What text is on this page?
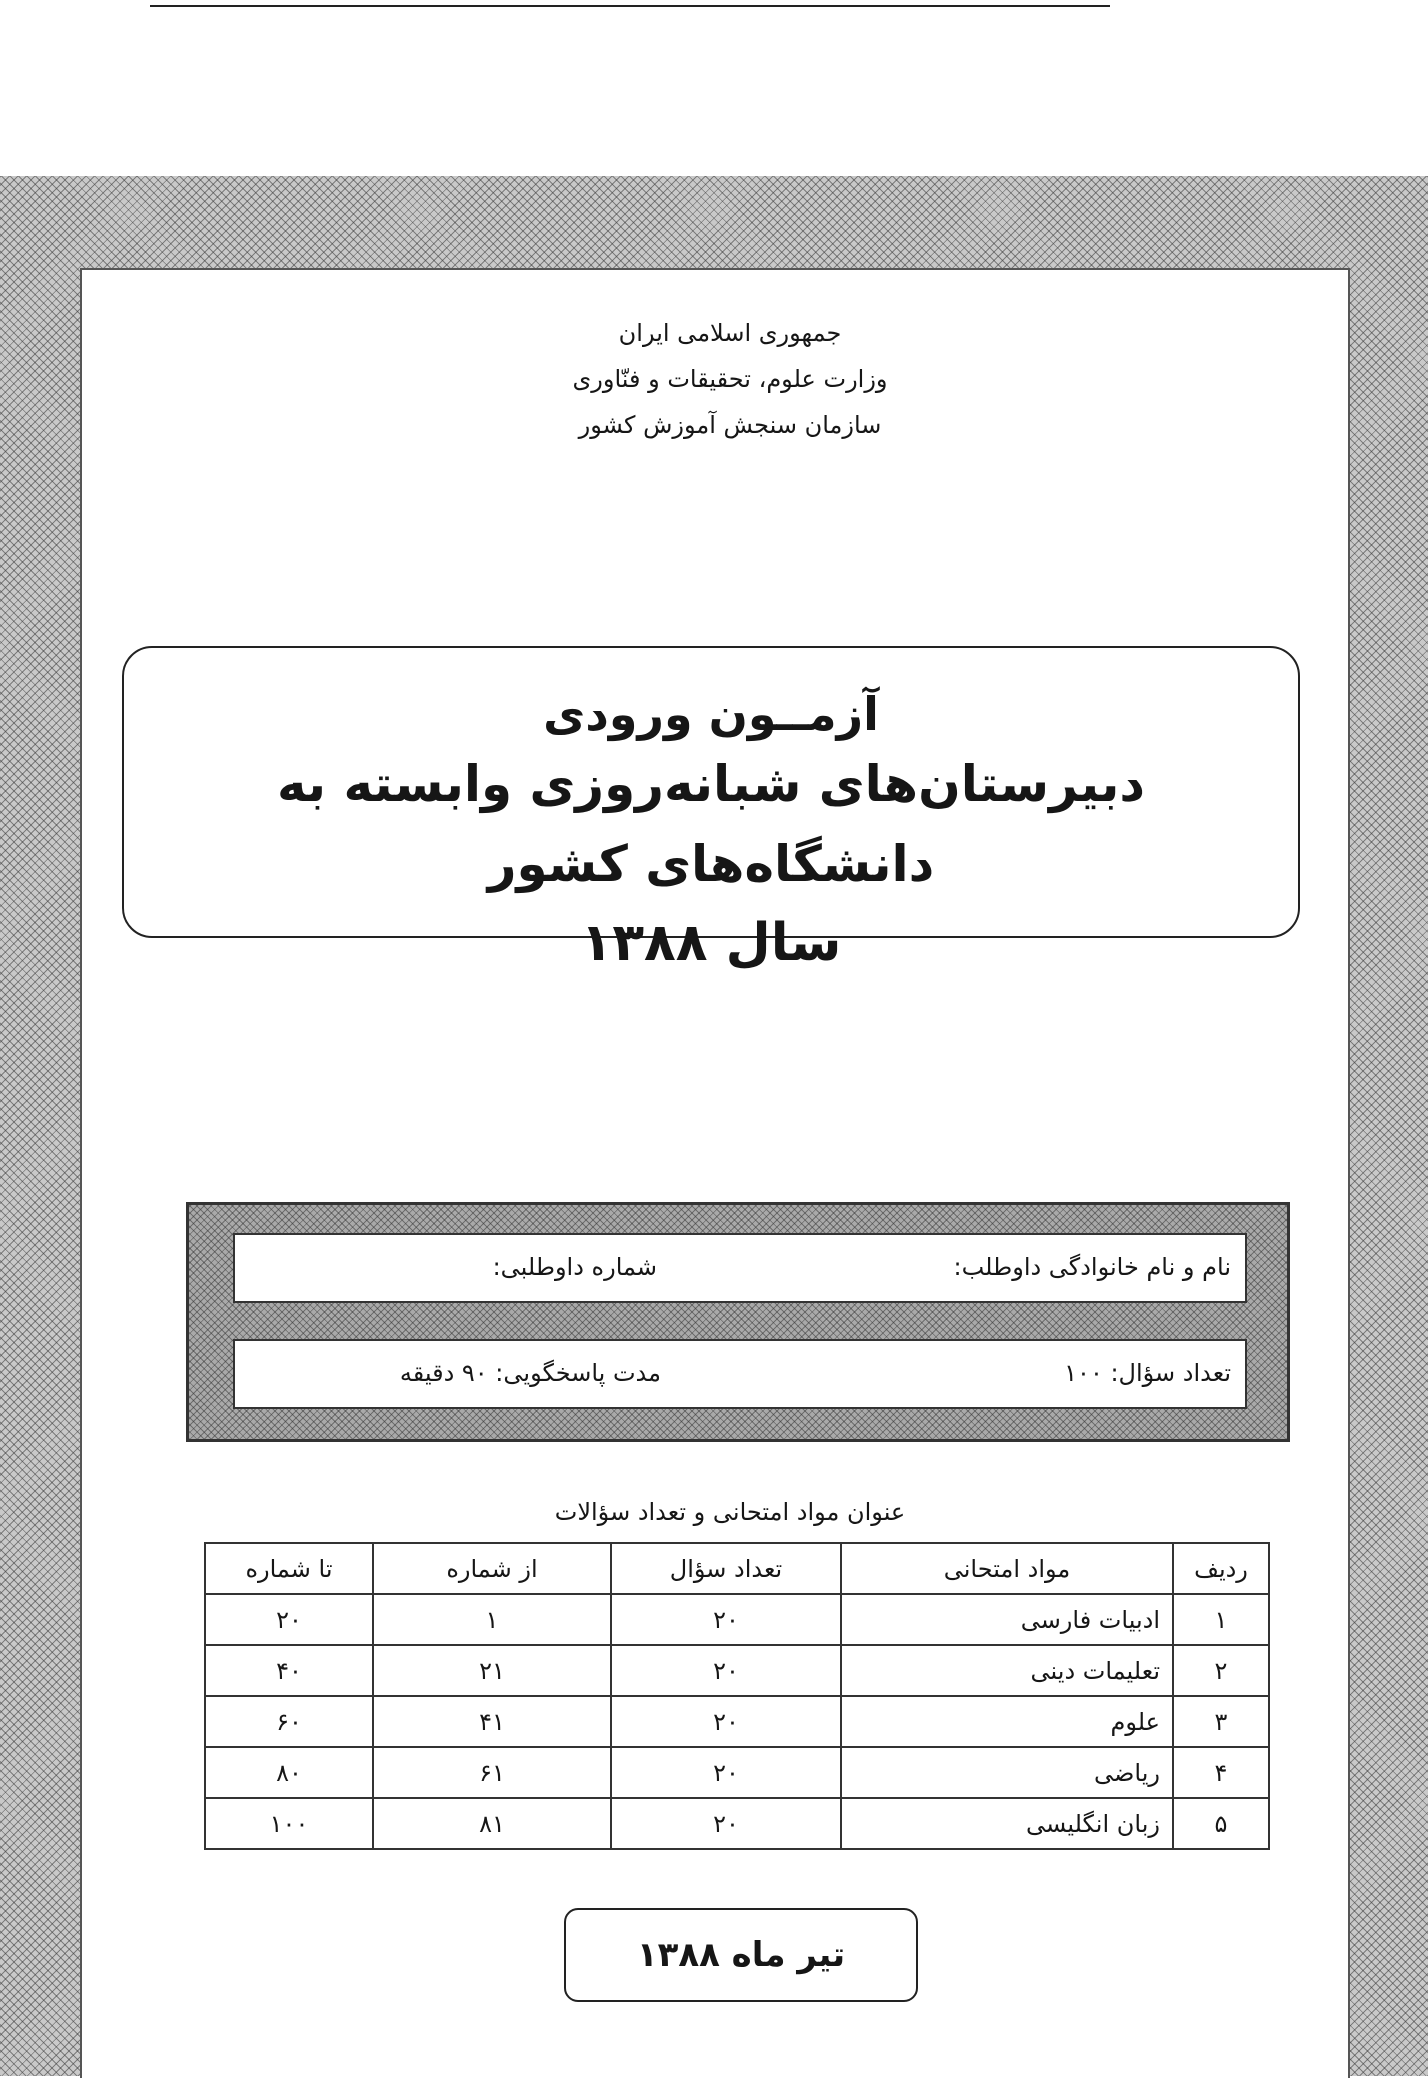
جمهوری اسلامی ایران
وزارت علوم، تحقیقات و فنّاوری
سازمان سنجش آموزش کشور
آزمــون ورودی
دبیرستان‌های شبانه‌روزی وابسته به دانشگاه‌های کشور
سال ۱۳۸۸
نام و نام خانوادگی داوطلب:
شماره داوطلبی:
تعداد سؤال: ۱۰۰
مدت پاسخگویی: ۹۰ دقیقه
عنوان مواد امتحانی و تعداد سؤالات
ردیف	مواد امتحانی	تعداد سؤال	از شماره	تا شماره
۱	ادبیات فارسی	۲۰	۱	۲۰
۲	تعلیمات دینی	۲۰	۲۱	۴۰
۳	علوم	۲۰	۴۱	۶۰
۴	ریاضی	۲۰	۶۱	۸۰
۵	زبان انگلیسی	۲۰	۸۱	۱۰۰
تیر ماه ۱۳۸۸
